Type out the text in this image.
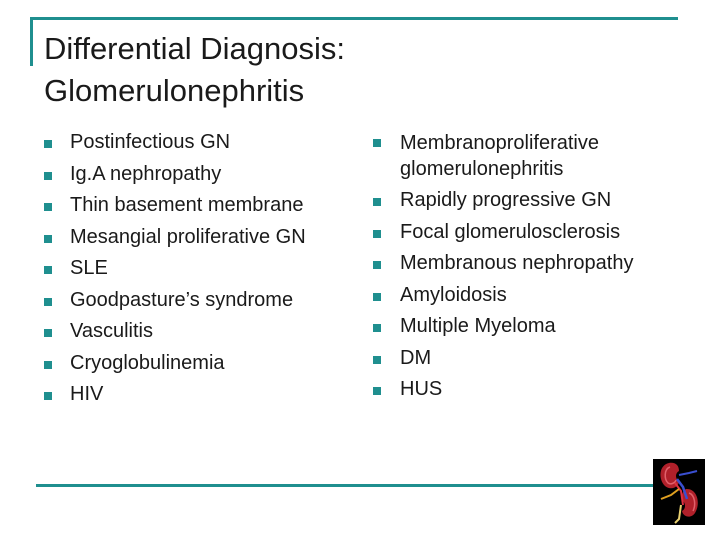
Differential Diagnosis:
Glomerulonephritis
Postinfectious GN
Ig.A nephropathy
Thin basement membrane
Mesangial proliferative GN
SLE
Goodpasture’s syndrome
Vasculitis
Cryoglobulinemia
HIV
Membranoproliferative glomerulonephritis
Rapidly progressive GN
Focal glomerulosclerosis
Membranous nephropathy
Amyloidosis
Multiple Myeloma
DM
HUS
